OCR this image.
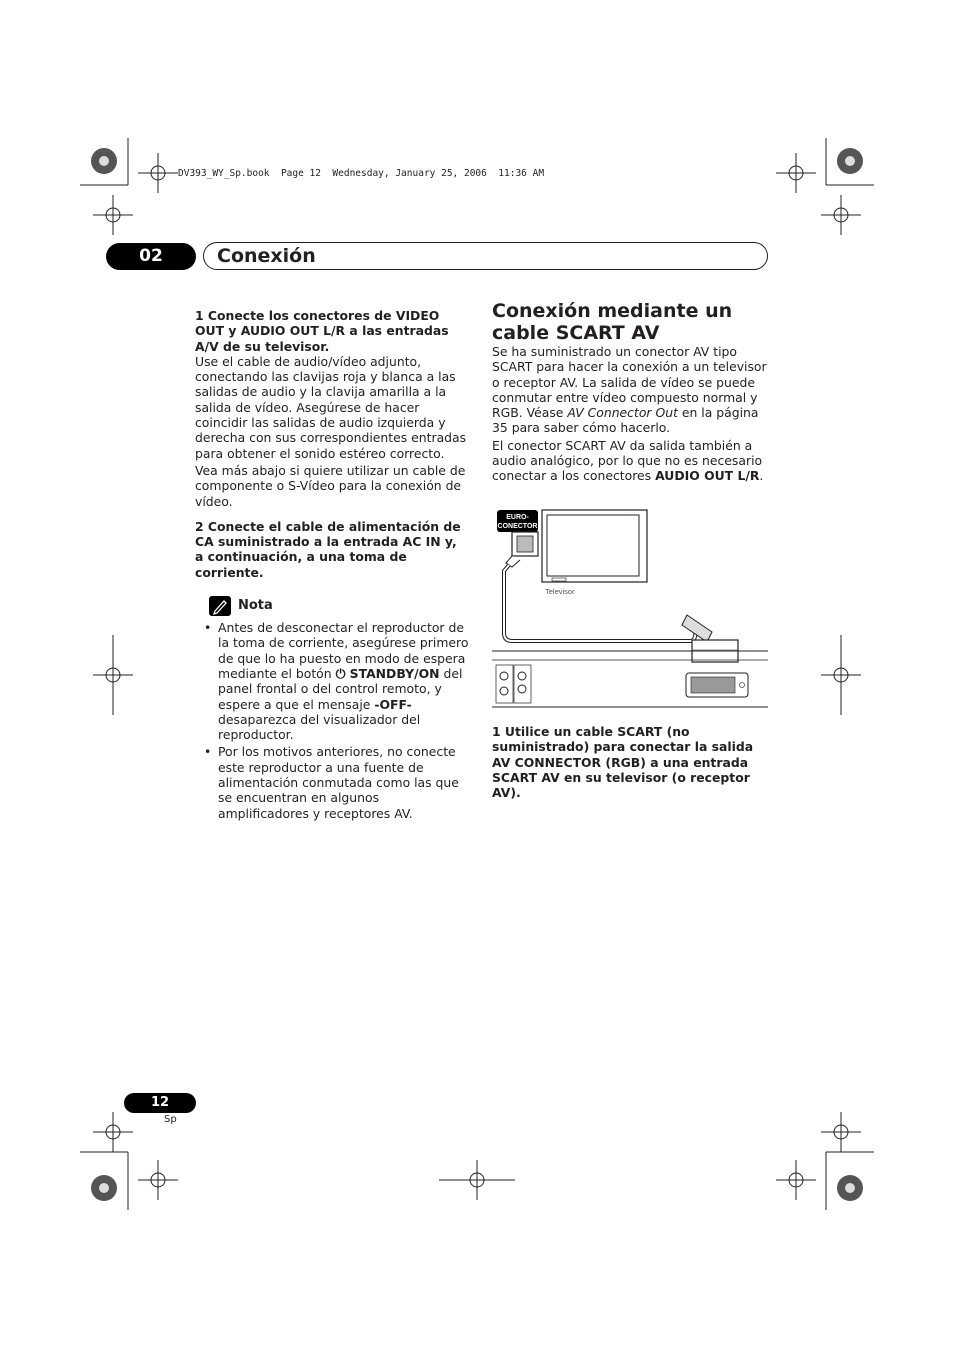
DV393_WY_Sp.book  Page 12  Wednesday, January 25, 2006  11:36 AM
02	Conexión

1 Conecte los conectores de VIDEO OUT y AUDIO OUT L/R a las entradas A/V de su televisor.

Use el cable de audio/vídeo adjunto, conectando las clavijas roja y blanca a las salidas de audio y la clavija amarilla a la salida de vídeo. Asegúrese de hacer coincidir las salidas de audio izquierda y derecha con sus correspondientes entradas para obtener el sonido estéreo correcto.

Vea más abajo si quiere utilizar un cable de componente o S-Vídeo para la conexión de vídeo.

2 Conecte el cable de alimentación de CA suministrado a la entrada AC IN y, a continuación, a una toma de corriente.

Nota
• Antes de desconectar el reproductor de la toma de corriente, asegúrese primero de que lo ha puesto en modo de espera mediante el botón ⏻ STANDBY/ON del panel frontal o del control remoto, y espere a que el mensaje -OFF- desaparezca del visualizador del reproductor.
• Por los motivos anteriores, no conecte este reproductor a una fuente de alimentación conmutada como las que se encuentran en algunos amplificadores y receptores AV.

Conexión mediante un cable SCART AV

Se ha suministrado un conector AV tipo SCART para hacer la conexión a un televisor o receptor AV. La salida de vídeo se puede conmutar entre vídeo compuesto normal y RGB. Véase AV Connector Out en la página 35 para saber cómo hacerlo.

El conector SCART AV da salida también a audio analógico, por lo que no es necesario conectar a los conectores AUDIO OUT L/R.

EURO-
CONECTOR
Televisor

1 Utilice un cable SCART (no suministrado) para conectar la salida AV CONNECTOR (RGB) a una entrada SCART AV en su televisor (o receptor AV).

12
Sp
